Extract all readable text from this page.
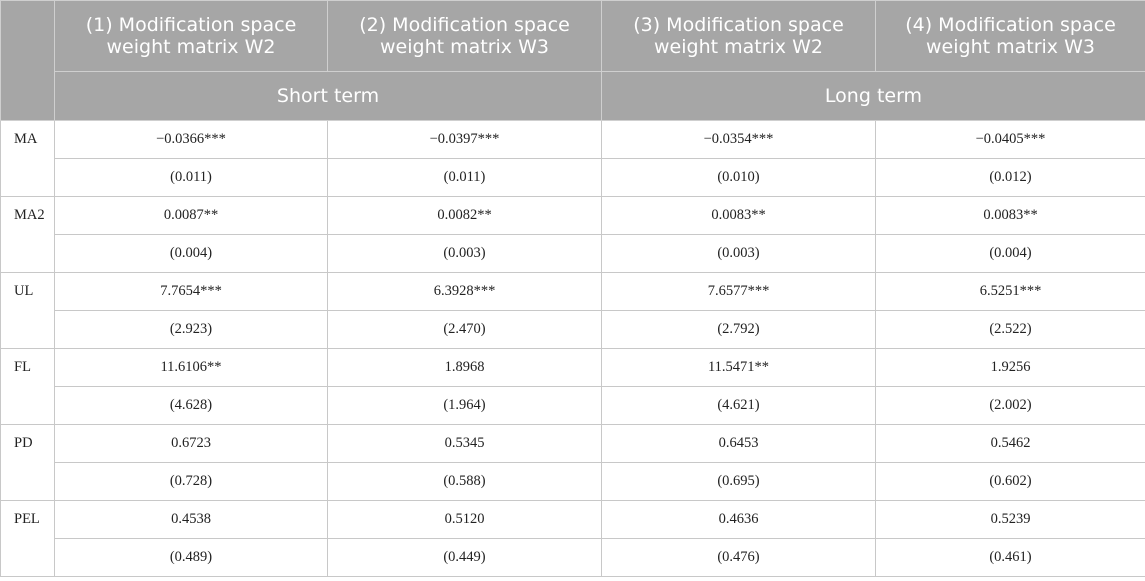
	(1) Modification space weight matrix W2	(2) Modification space weight matrix W3	(3) Modification space weight matrix W2	(4) Modification space weight matrix W3
	Short term		Long term	
MA	−0.0366***	−0.0397***	−0.0354***	−0.0405***
	(0.011)	(0.011)	(0.010)	(0.012)
MA2	0.0087**	0.0082**	0.0083**	0.0083**
	(0.004)	(0.003)	(0.003)	(0.004)
UL	7.7654***	6.3928***	7.6577***	6.5251***
	(2.923)	(2.470)	(2.792)	(2.522)
FL	11.6106**	1.8968	11.5471**	1.9256
	(4.628)	(1.964)	(4.621)	(2.002)
PD	0.6723	0.5345	0.6453	0.5462
	(0.728)	(0.588)	(0.695)	(0.602)
PEL	0.4538	0.5120	0.4636	0.5239
	(0.489)	(0.449)	(0.476)	(0.461)
